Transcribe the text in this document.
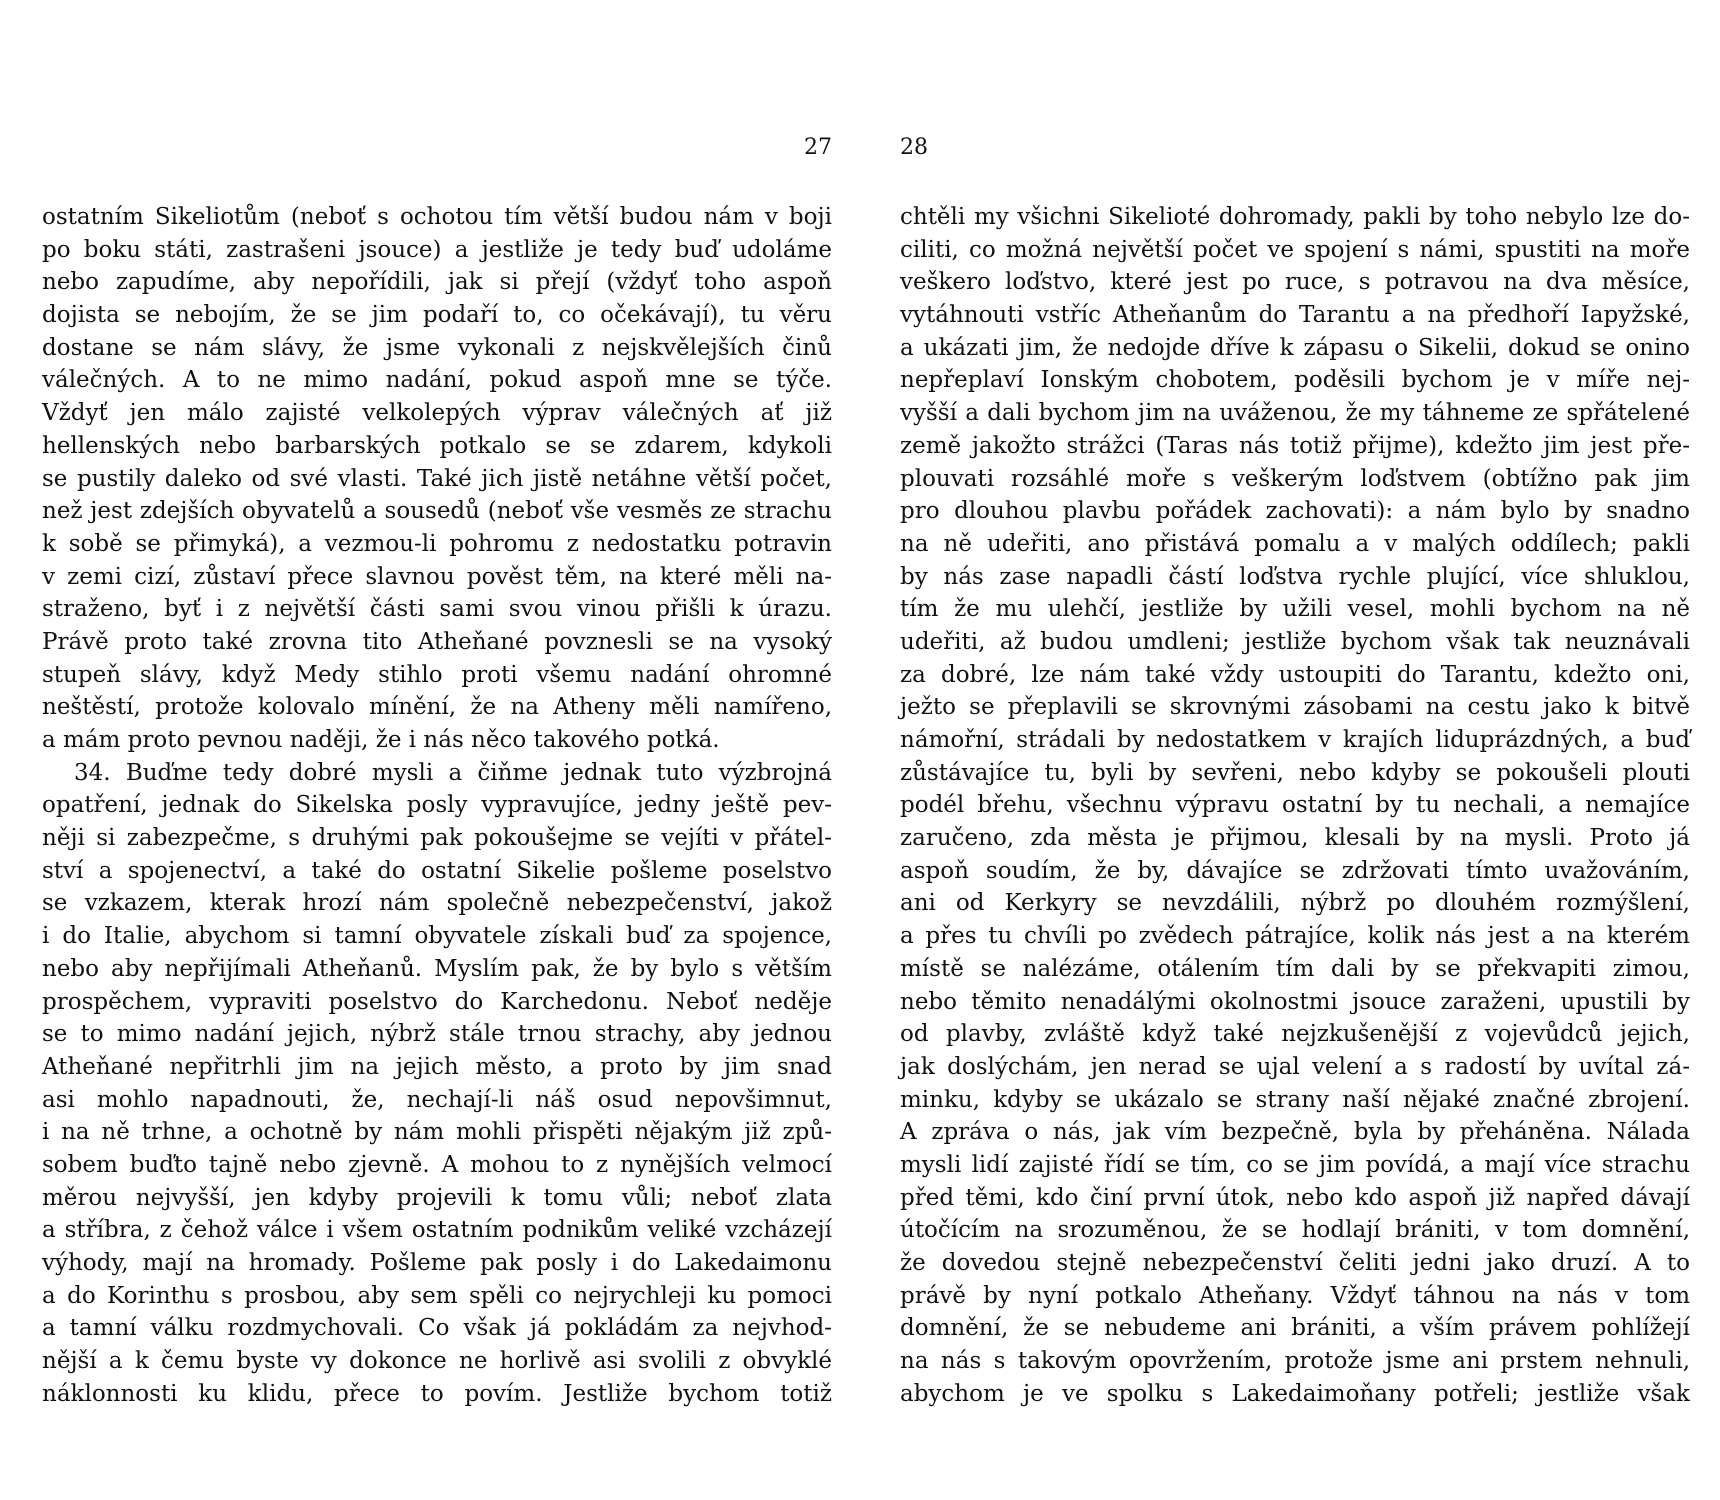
27
ostatním Sikeliotům (neboť s ochotou tím větší budou nám v boji
po boku státi, zastrašeni jsouce) a jestliže je tedy buď udoláme
nebo zapudíme, aby nepořídili, jak si přejí (vždyť toho aspoň
dojista se nebojím, že se jim podaří to, co očekávají), tu věru
dostane se nám slávy, že jsme vykonali z nejskvělejších činů
válečných. A to ne mimo nadání, pokud aspoň mne se týče.
Vždyť jen málo zajisté velkolepých výprav válečných ať již
hellenských nebo barbarských potkalo se se zdarem, kdykoli
se pustily daleko od své vlasti. Také jich jistě netáhne větší počet,
než jest zdejších obyvatelů a sousedů (neboť vše vesměs ze strachu
k sobě se přimyká), a vezmou-li pohromu z nedostatku potravin
v zemi cizí, zůstaví přece slavnou pověst těm, na které měli na-
straženo, byť i z největší části sami svou vinou přišli k úrazu.
Právě proto také zrovna tito Atheňané povznesli se na vysoký
stupeň slávy, když Medy stihlo proti všemu nadání ohromné
neštěstí, protože kolovalo mínění, že na Atheny měli namířeno,
a mám proto pevnou naději, že i nás něco takového potká.
34. Buďme tedy dobré mysli a čiňme jednak tuto výzbrojná
opatření, jednak do Sikelska posly vypravujíce, jedny ještě pev-
něji si zabezpečme, s druhými pak pokoušejme se vejíti v přátel-
ství a spojenectví, a také do ostatní Sikelie pošleme poselstvo
se vzkazem, kterak hrozí nám společně nebezpečenství, jakož
i do Italie, abychom si tamní obyvatele získali buď za spojence,
nebo aby nepřijímali Atheňanů. Myslím pak, že by bylo s větším
prospěchem, vypraviti poselstvo do Karchedonu. Neboť neděje
se to mimo nadání jejich, nýbrž stále trnou strachy, aby jednou
Atheňané nepřitrhli jim na jejich město, a proto by jim snad
asi mohlo napadnouti, že, nechají-li náš osud nepovšimnut,
i na ně trhne, a ochotně by nám mohli přispěti nějakým již způ-
sobem buďto tajně nebo zjevně. A mohou to z nynějších velmocí
měrou nejvyšší, jen kdyby projevili k tomu vůli; neboť zlata
a stříbra, z čehož válce i všem ostatním podnikům veliké vzcházejí
výhody, mají na hromady. Pošleme pak posly i do Lakedaimonu
a do Korinthu s prosbou, aby sem spěli co nejrychleji ku pomoci
a tamní válku rozdmychovali. Co však já pokládám za nejvhod-
nější a k čemu byste vy dokonce ne horlivě asi svolili z obvyklé
náklonnosti ku klidu, přece to povím. Jestliže bychom totiž
28
chtěli my všichni Sikelioté dohromady, pakli by toho nebylo lze do-
ciliti, co možná největší počet ve spojení s námi, spustiti na moře
veškero loďstvo, které jest po ruce, s potravou na dva měsíce,
vytáhnouti vstříc Atheňanům do Tarantu a na předhoří Iapyžské,
a ukázati jim, že nedojde dříve k zápasu o Sikelii, dokud se onino
nepřeplaví Ionským chobotem, poděsili bychom je v míře nej-
vyšší a dali bychom jim na uváženou, že my táhneme ze spřátelené
země jakožto strážci (Taras nás totiž přijme), kdežto jim jest pře-
plouvati rozsáhlé moře s veškerým loďstvem (obtížno pak jim
pro dlouhou plavbu pořádek zachovati): a nám bylo by snadno
na ně udeřiti, ano přistává pomalu a v malých oddílech; pakli
by nás zase napadli částí loďstva rychle plující, více shluklou,
tím že mu ulehčí, jestliže by užili vesel, mohli bychom na ně
udeřiti, až budou umdleni; jestliže bychom však tak neuznávali
za dobré, lze nám také vždy ustoupiti do Tarantu, kdežto oni,
ježto se přeplavili se skrovnými zásobami na cestu jako k bitvě
námořní, strádali by nedostatkem v krajích liduprázdných, a buď
zůstávajíce tu, byli by sevřeni, nebo kdyby se pokoušeli plouti
podél břehu, všechnu výpravu ostatní by tu nechali, a nemajíce
zaručeno, zda města je přijmou, klesali by na mysli. Proto já
aspoň soudím, že by, dávajíce se zdržovati tímto uvažováním,
ani od Kerkyry se nevzdálili, nýbrž po dlouhém rozmýšlení,
a přes tu chvíli po zvědech pátrajíce, kolik nás jest a na kterém
místě se nalézáme, otálením tím dali by se překvapiti zimou,
nebo těmito nenadálými okolnostmi jsouce zaraženi, upustili by
od plavby, zvláště když také nejzkušenější z vojevůdců jejich,
jak doslýchám, jen nerad se ujal velení a s radostí by uvítal zá-
minku, kdyby se ukázalo se strany naší nějaké značné zbrojení.
A zpráva o nás, jak vím bezpečně, byla by přeháněna. Nálada
mysli lidí zajisté řídí se tím, co se jim povídá, a mají více strachu
před těmi, kdo činí první útok, nebo kdo aspoň již napřed dávají
útočícím na srozuměnou, že se hodlají brániti, v tom domnění,
že dovedou stejně nebezpečenství čeliti jedni jako druzí. A to
právě by nyní potkalo Atheňany. Vždyť táhnou na nás v tom
domnění, že se nebudeme ani brániti, a vším právem pohlížejí
na nás s takovým opovržením, protože jsme ani prstem nehnuli,
abychom je ve spolku s Lakedaimoňany potřeli; jestliže však
